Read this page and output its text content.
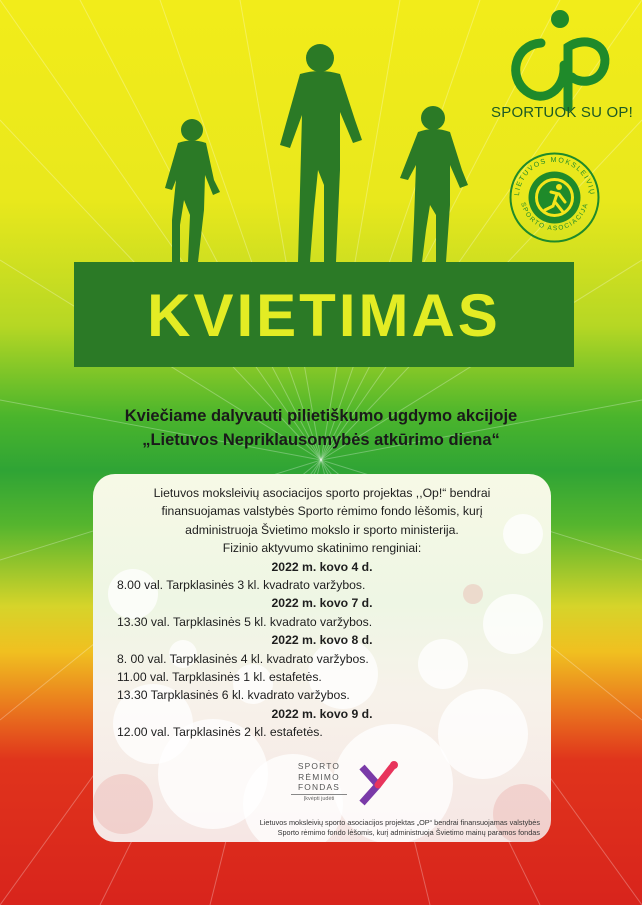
SPORTUOK SU OP!
LIETUVOS MOKSLEIVIŲ
SPORTO ASOCIACIJA
KVIETIMAS
Kviečiame dalyvauti pilietiškumo ugdymo akcijoje
„Lietuvos Nepriklausomybės atkūrimo diena“
Lietuvos moksleivių asociacijos sporto projektas ,,Op!“ bendrai
finansuojamas valstybės Sporto rėmimo fondo lėšomis, kurį
administruoja Švietimo mokslo ir sporto ministerija.
Fizinio aktyvumo skatinimo renginiai:
2022 m. kovo 4 d.
8.00 val. Tarpklasinės 3 kl. kvadrato varžybos.
2022 m. kovo 7 d.
13.30 val. Tarpklasinės 5 kl. kvadrato varžybos.
2022 m. kovo 8 d.
8. 00 val. Tarpklasinės 4 kl. kvadrato varžybos.
11.00 val. Tarpklasinės 1 kl. estafetės.
13.30 Tarpklasinės 6 kl. kvadrato varžybos.
2022 m. kovo 9 d.
12.00 val. Tarpklasinės 2 kl. estafetės.
SPORTO
RĖMIMO
FONDAS
Įkvėpti judėti
Lietuvos moksleivių sporto asociacijos projektas „OP“ bendrai finansuojamas valstybės
Sporto rėmimo fondo lėšomis, kurį administruoja Švietimo mainų paramos fondas
